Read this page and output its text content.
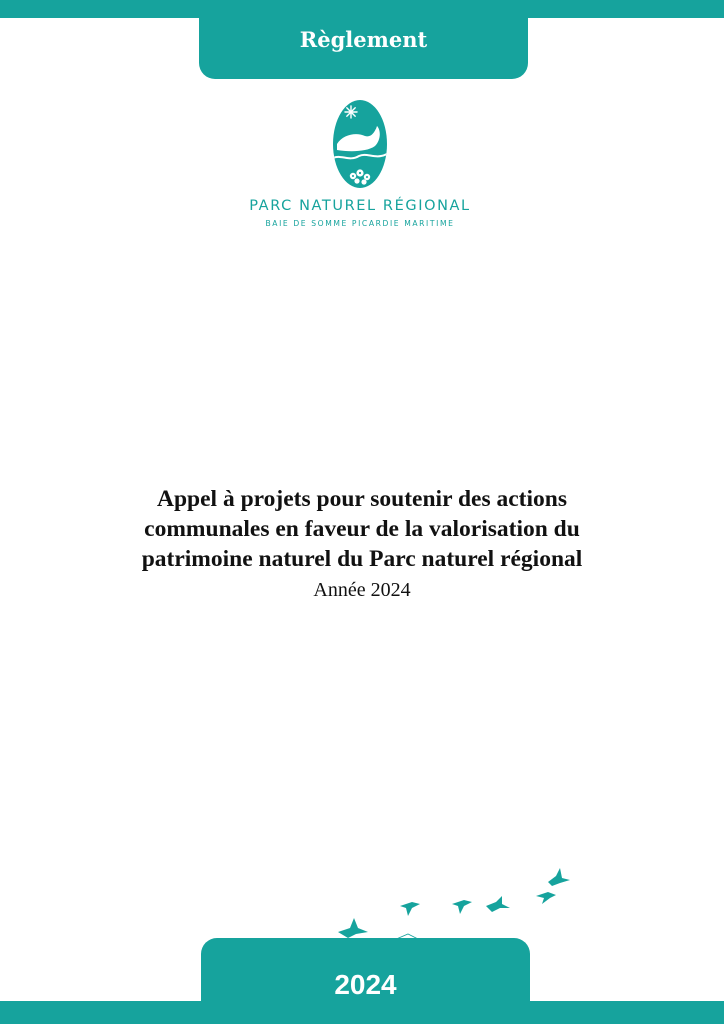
Règlement
PARC NATUREL RÉGIONAL
BAIE DE SOMME PICARDIE MARITIME
Appel à projets pour soutenir des actions
communales en faveur de la valorisation du
patrimoine naturel du Parc naturel régional
Année 2024
2024
